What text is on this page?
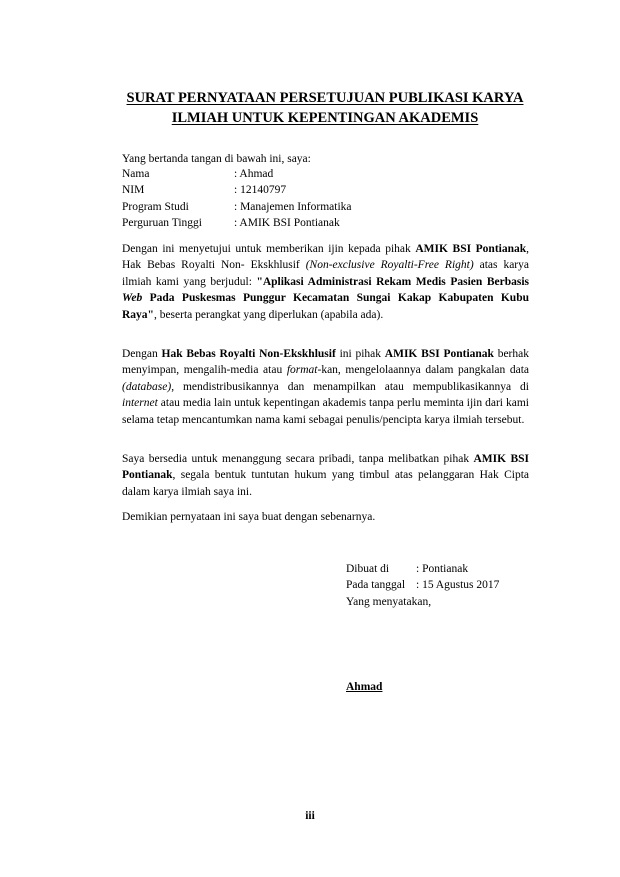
SURAT PERNYATAAN PERSETUJUAN PUBLIKASI KARYA
ILMIAH UNTUK KEPENTINGAN AKADEMIS
Yang bertanda tangan di bawah ini, saya:
Nama	: Ahmad
NIM	: 12140797
Program Studi	: Manajemen Informatika
Perguruan Tinggi	: AMIK BSI Pontianak
Dengan ini menyetujui untuk memberikan ijin kepada pihak AMIK BSI Pontianak, Hak Bebas Royalti Non- Ekskhlusif (Non-exclusive Royalti-Free Right) atas karya ilmiah kami yang berjudul: "Aplikasi Administrasi Rekam Medis Pasien Berbasis Web Pada Puskesmas Punggur Kecamatan Sungai Kakap Kabupaten Kubu Raya", beserta perangkat yang diperlukan (apabila ada).
Dengan Hak Bebas Royalti Non-Ekskhlusif ini pihak AMIK BSI Pontianak berhak menyimpan, mengalih-media atau format-kan, mengelolaannya dalam pangkalan data (database), mendistribusikannya dan menampilkan atau mempublikasikannya di internet atau media lain untuk kepentingan akademis tanpa perlu meminta ijin dari kami selama tetap mencantumkan nama kami sebagai penulis/pencipta karya ilmiah tersebut.
Saya bersedia untuk menanggung secara pribadi, tanpa melibatkan pihak AMIK BSI Pontianak, segala bentuk tuntutan hukum yang timbul atas pelanggaran Hak Cipta dalam karya ilmiah saya ini.
Demikian pernyataan ini saya buat dengan sebenarnya.
Dibuat di	: Pontianak
Pada tanggal : 15 Agustus 2017
Yang menyatakan,
Ahmad
iii
